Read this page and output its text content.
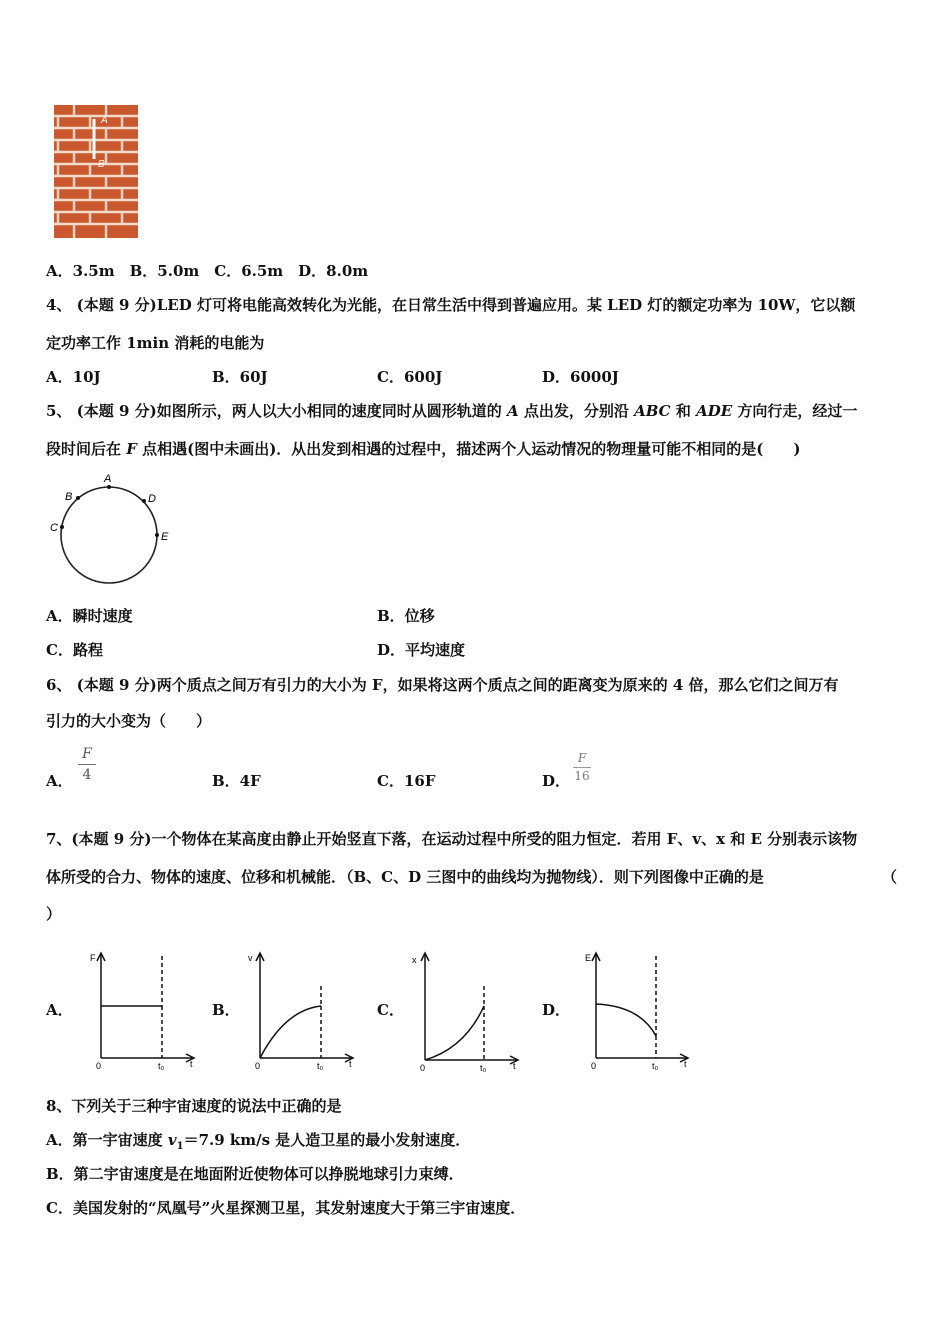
A
B
A．3.5m　B．5.0m　C．6.5m　D．8.0m
4、 (本题 9 分)LED 灯可将电能高效转化为光能，在日常生活中得到普遍应用。某 LED 灯的额定功率为 10W，它以额
定功率工作 1min 消耗的电能为
A．10J	B．60J	C．600J	D．6000J
5、 (本题 9 分)如图所示，两人以大小相同的速度同时从圆形轨道的 A 点出发，分别沿 ABC 和 ADE 方向行走，经过一
段时间后在 F 点相遇(图中未画出)．从出发到相遇的过程中，描述两个人运动情况的物理量可能不相同的是(　　)
A
B
C
D
E
A．瞬时速度	B．位移
C．路程	D．平均速度
6、 (本题 9 分)两个质点之间万有引力的大小为 F，如果将这两个质点之间的距离变为原来的 4 倍，那么它们之间万有
引力的大小变为（　　）
A．
F
4	B．4F	C．16F	D．
F
16
7、(本题 9 分)一个物体在某高度由静止开始竖直下落，在运动过程中所受的阻力恒定．若用 F、v、x 和 E 分别表示该物
体所受的合力、物体的速度、位移和机械能．（B、C、D 三图中的曲线均为抛物线）．则下列图像中正确的是	（
）
A．
F
0	t₀	t
B．
v
0	t₀	t
C．
x
0	t₀	t
D．
E
0	t₀	t
8、下列关于三种宇宙速度的说法中正确的是
A．第一宇宙速度 $v_1=7.9$ km/s 是人造卫星的最小发射速度．
B．第二宇宙速度是在地面附近使物体可以挣脱地球引力束缚．
C．美国发射的“凤凰号”火星探测卫星，其发射速度大于第三宇宙速度．
